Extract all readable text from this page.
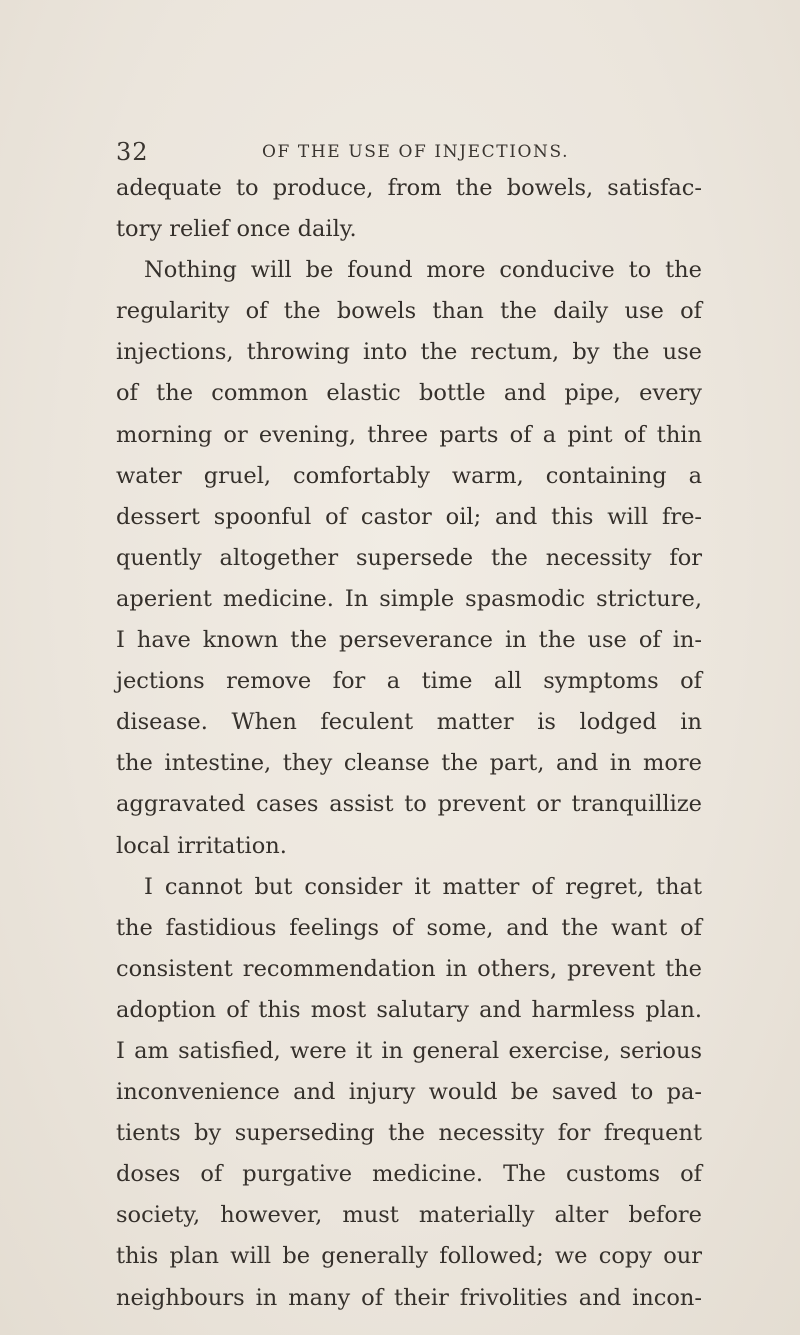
32	OF THE USE OF INJECTIONS.
adequate to produce, from the bowels, satisfac-
tory relief once daily.
Nothing will be found more conducive to the
regularity of the bowels than the daily use of
injections, throwing into the rectum, by the use
of the common elastic bottle and pipe, every
morning or evening, three parts of a pint of thin
water gruel, comfortably warm, containing a
dessert spoonful of castor oil; and this will fre-
quently altogether supersede the necessity for
aperient medicine. In simple spasmodic stricture,
I have known the perseverance in the use of in-
jections remove for a time all symptoms of
disease. When feculent matter is lodged in
the intestine, they cleanse the part, and in more
aggravated cases assist to prevent or tranquillize
local irritation.
I cannot but consider it matter of regret, that
the fastidious feelings of some, and the want of
consistent recommendation in others, prevent the
adoption of this most salutary and harmless plan.
I am satisfied, were it in general exercise, serious
inconvenience and injury would be saved to pa-
tients by superseding the necessity for frequent
doses of purgative medicine. The customs of
society, however, must materially alter before
this plan will be generally followed; we copy our
neighbours in many of their frivolities and incon-
